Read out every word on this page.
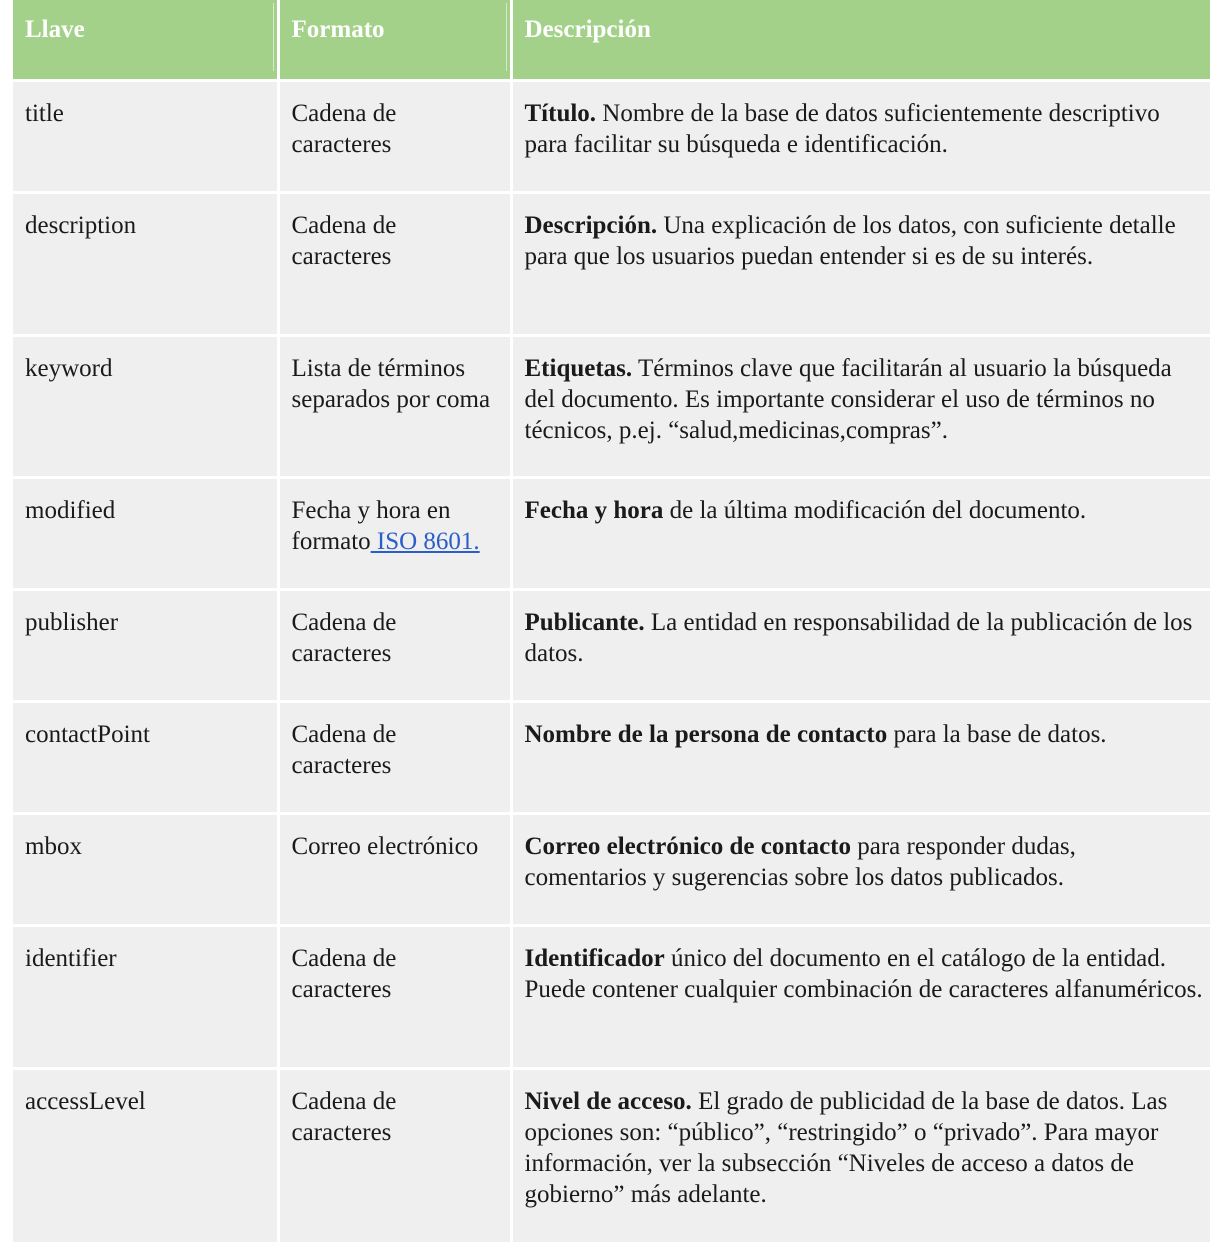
Llave	Formato	Descripción
title	Cadena de caracteres	Título. Nombre de la base de datos suficientemente descriptivo para facilitar su búsqueda e identificación.
description	Cadena de caracteres	Descripción. Una explicación de los datos, con suficiente detalle para que los usuarios puedan entender si es de su interés.
keyword	Lista de términos separados por coma	Etiquetas. Términos clave que facilitarán al usuario la búsqueda del documento. Es importante considerar el uso de términos no técnicos, p.ej. “salud,medicinas,compras”.
modified	Fecha y hora en formato ISO 8601.	Fecha y hora de la última modificación del documento.
publisher	Cadena de caracteres	Publicante. La entidad en responsabilidad de la publicación de los datos.
contactPoint	Cadena de caracteres	Nombre de la persona de contacto para la base de datos.
mbox	Correo electrónico	Correo electrónico de contacto para responder dudas, comentarios y sugerencias sobre los datos publicados.
identifier	Cadena de caracteres	Identificador único del documento en el catálogo de la entidad. Puede contener cualquier combinación de caracteres alfanuméricos.
accessLevel	Cadena de caracteres	Nivel de acceso. El grado de publicidad de la base de datos. Las opciones son: “público”, “restringido” o “privado”. Para mayor información, ver la subsección “Niveles de acceso a datos de gobierno” más adelante.
